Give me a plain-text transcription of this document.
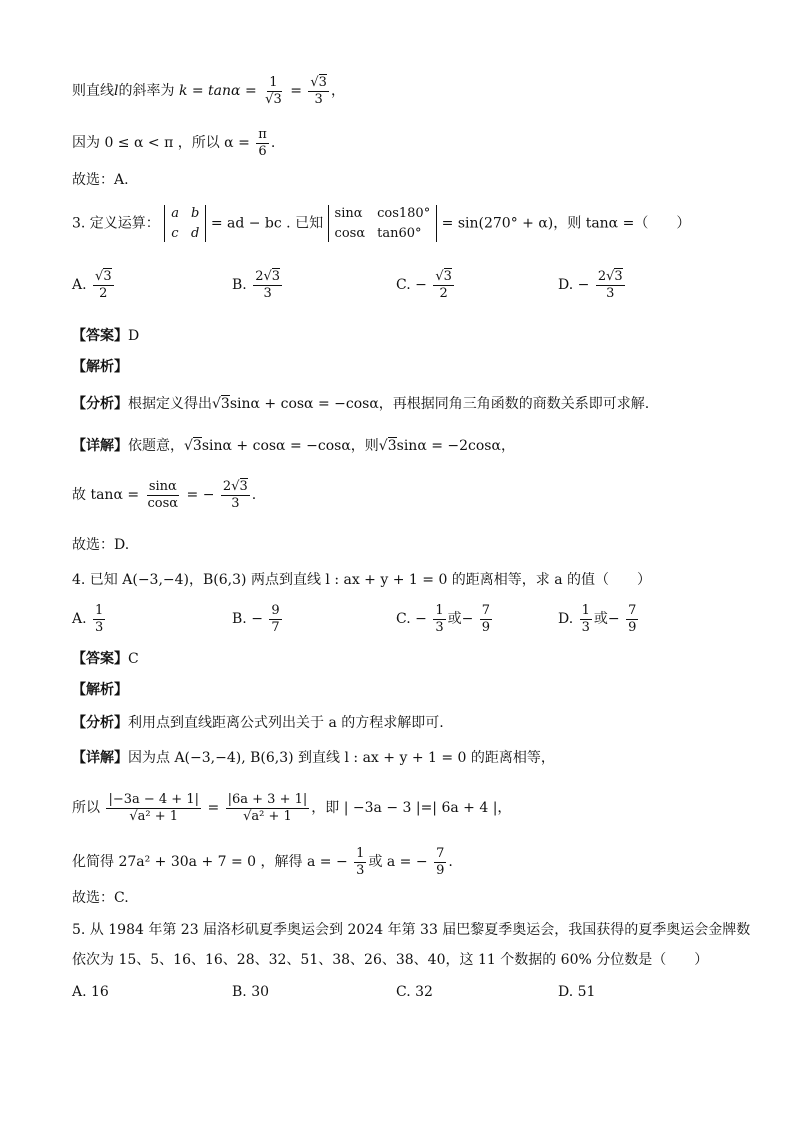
则直线l的斜率为 $k = \tan\alpha = \frac{1}{√3} = \frac{√3}{3}$ ，
因为 0 ≤ α < π ，所以 $\alpha = \frac{\pi}{6}$ .
故选：A.
3. 定义运算：
a b
c d
= ad − bc . 已知
sinα cos180°
cosα tan60°
= sin(270° + α)，则 tanα =（　　）
A. $\frac{√3}{2}$	B. $\frac{2√3}{3}$	C. − $\frac{√3}{2}$	D. − $\frac{2√3}{3}$
【答案】D
【解析】
【分析】根据定义得出√3sinα + cosα = −cosα，再根据同角三角函数的商数关系即可求解.
【详解】依题意，√3sinα + cosα = −cosα，则√3sinα = −2cosα，
故 $\tan\alpha = \frac{\sin\alpha}{\cos\alpha}$ = − $\frac{2√3}{3}$ .
故选：D.
4. 已知 A(−3,−4)，B(6,3) 两点到直线 l : ax + y + 1 = 0 的距离相等，求 a 的值（　　）
A. $\frac{1}{3}$	B. − $\frac{9}{7}$	C. − $\frac{1}{3}$ 或− $\frac{7}{9}$	D. $\frac{1}{3}$ 或− $\frac{7}{9}$
【答案】C
【解析】
【分析】利用点到直线距离公式列出关于 a 的方程求解即可.
【详解】因为点 A(−3,−4), B(6,3) 到直线 l : ax + y + 1 = 0 的距离相等，
所以 $\frac{|-3a - 4 + 1|}{\text{√a² + 1}} = \frac{|6a + 3 + 1|}{\text{√a² + 1}}$ ，即 | −3a − 3 |=| 6a + 4 |，
化简得 27a² + 30a + 7 = 0 ，解得 a = − $\frac{1}{3}$ 或 a = − $\frac{7}{9}$ .
故选：C.
5. 从 1984 年第 23 届洛杉矶夏季奥运会到 2024 年第 33 届巴黎夏季奥运会，我国获得的夏季奥运会金牌数
依次为 15、5、16、16、28、32、51、38、26、38、40，这 11 个数据的 60% 分位数是（　　）
A. 16	B. 30	C. 32	D. 51
